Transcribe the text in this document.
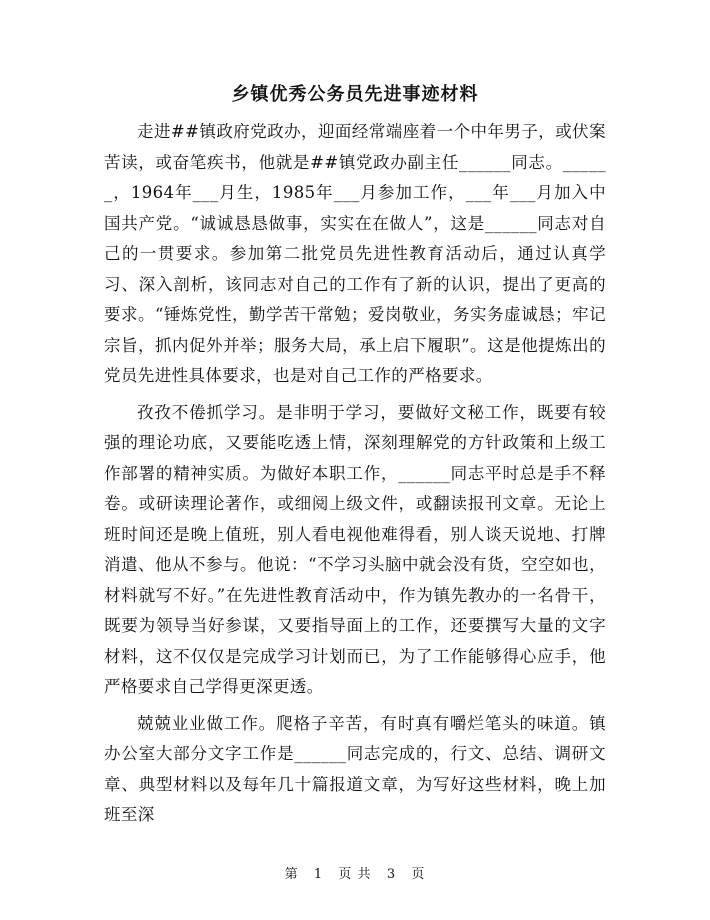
乡镇优秀公务员先进事迹材料

走进##镇政府党政办，迎面经常端座着一个中年男子，或伏案苦读，或奋笔疾书，他就是##镇党政办副主任______同志。______，1964年___月生，1985年___月参加工作，___年___月加入中国共产党。“诚诚恳恳做事，实实在在做人”，这是______同志对自己的一贯要求。参加第二批党员先进性教育活动后，通过认真学习、深入剖析，该同志对自己的工作有了新的认识，提出了更高的要求。“锤炼党性，勤学苦干常勉；爱岗敬业，务实务虚诚恳；牢记宗旨，抓内促外并举；服务大局，承上启下履职”。这是他提炼出的党员先进性具体要求，也是对自己工作的严格要求。

孜孜不倦抓学习。是非明于学习，要做好文秘工作，既要有较强的理论功底，又要能吃透上情，深刻理解党的方针政策和上级工作部署的精神实质。为做好本职工作，______同志平时总是手不释卷。或研读理论著作，或细阅上级文件，或翻读报刊文章。无论上班时间还是晚上值班，别人看电视他难得看，别人谈天说地、打牌消遣、他从不参与。他说：“不学习头脑中就会没有货，空空如也，材料就写不好。”在先进性教育活动中，作为镇先教办的一名骨干，既要为领导当好参谋，又要指导面上的工作，还要撰写大量的文字材料，这不仅仅是完成学习计划而已，为了工作能够得心应手，他严格要求自己学得更深更透。

兢兢业业做工作。爬格子辛苦，有时真有嚼烂笔头的味道。镇办公室大部分文字工作是______同志完成的，行文、总结、调研文章、典型材料以及每年几十篇报道文章，为写好这些材料，晚上加班至深

第 1 页 共 3 页
